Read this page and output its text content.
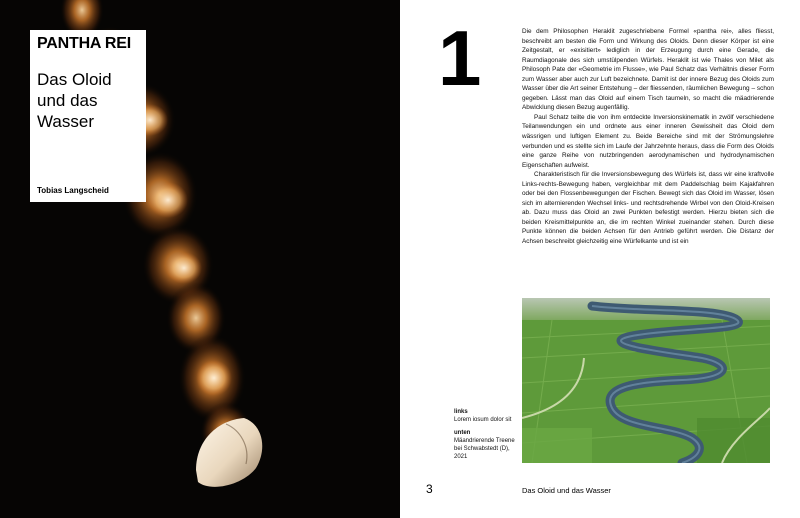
PANTHA REI
Das Oloid und das Wasser
Tobias Langscheid
1	Die dem Philosophen Heraklit zugeschriebene Formel «pantha rei», alles fliesst, beschreibt am besten die Form und Wirkung des Oloids. Denn dieser Körper ist eine Zeitgestalt, er «exisitiert» lediglich in der Erzeugung durch eine Gerade, die Raumdiagonale des sich umstülpenden Würfels. Heraklit ist wie Thales von Milet als Philosoph Pate der «Geometrie im Flusse», wie Paul Schatz das Verhältnis dieser Form zum Wasser aber auch zur Luft bezeichnete. Damit ist der innere Bezug des Oloids zum Wasser über die Art seiner Entstehung – der fliessenden, räumlichen Bewegung – schon gegeben. Lässt man das Oloid auf einem Tisch taumeln, so macht die mäadrierende Abwicklung diesen Bezug augenfällig.

Paul Schatz teilte die von ihm entdeckte Inversionskinematik in zwölf verschiedene Teilanwendungen ein und ordnete aus einer inneren Gewissheit das Oloid dem wässrigen und luftigen Element zu. Beide Bereiche sind mit der Strömungslehre verbunden und es stellte sich im Laufe der Jahrzehnte heraus, dass die Form des Oloids eine ganze Reihe von nutzbringenden aerodynamischen und hydrodynamischen Eigenschaften aufweist.

Charakteristisch für die Inversionsbewegung des Würfels ist, dass wir eine kraftvolle Links-rechts-Bewegung haben, vergleichbar mit dem Paddelschlag beim Kajakfahren oder bei den Flossenbewegungen der Fischen. Bewegt sich das Oloid im Wasser, lösen sich im alternierenden Wechsel links- und rechtsdrehende Wirbel von den Oloid-Kreisen ab. Dazu muss das Oloid an zwei Punkten befestigt werden. Hierzu bieten sich die beiden Kreismittelpunkte an, die im rechten Winkel zueinander stehen. Durch diese Punkte können die beiden Achsen für den Antrieb geführt werden. Die Distanz der Achsen beschreibt gleichzeitig eine Würfelkante und ist ein

links
Lorem iosum dolor sit
unten
Mäandrierende Treene bei Schwabstedt (D), 2021
3	Das Oloid und das Wasser
